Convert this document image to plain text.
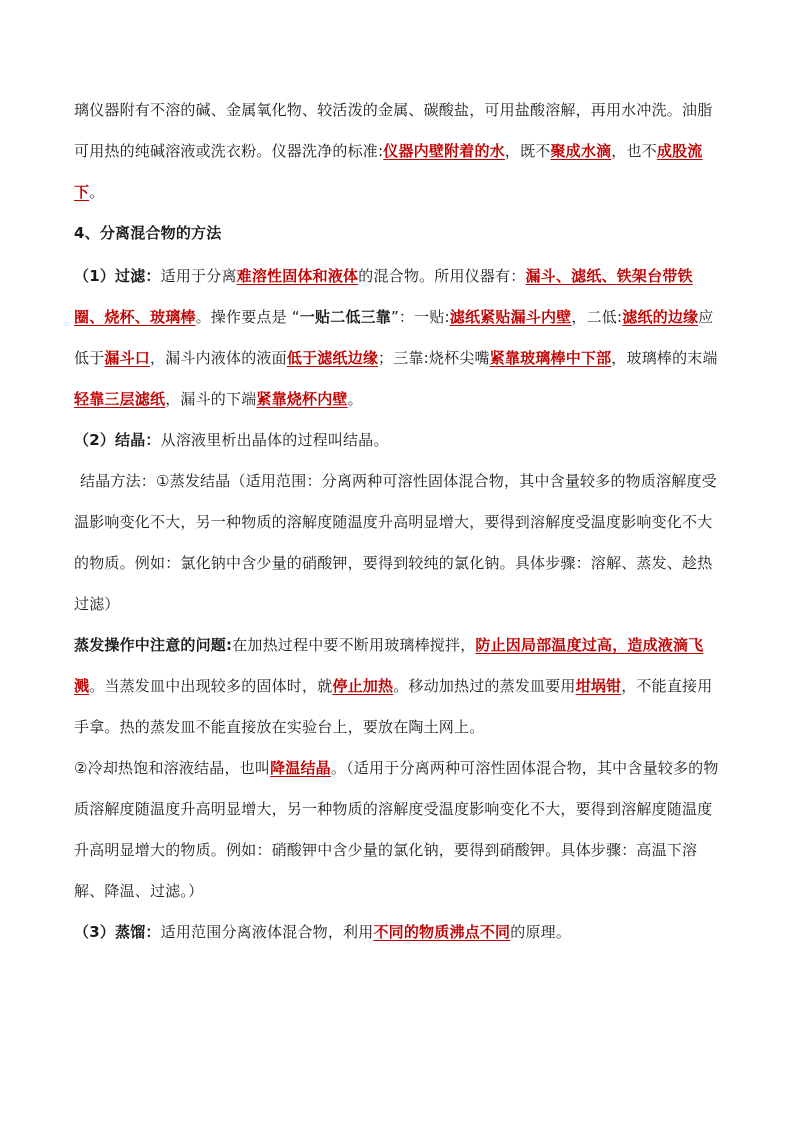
璃仪器附有不溶的碱、金属氧化物、较活泼的金属、碳酸盐，可用盐酸溶解，再用水冲洗。油脂可用热的纯碱溶液或洗衣粉。仪器洗净的标准:仪器内壁附着的水，既不聚成水滴，也不成股流下。

4、分离混合物的方法

（1）过滤：适用于分离难溶性固体和液体的混合物。所用仪器有：漏斗、滤纸、铁架台带铁圈、烧杯、玻璃棒。操作要点是 “一贴二低三靠”：一贴:滤纸紧贴漏斗内壁，二低:滤纸的边缘应低于漏斗口，漏斗内液体的液面低于滤纸边缘；三靠:烧杯尖嘴紧靠玻璃棒中下部，玻璃棒的末端轻靠三层滤纸，漏斗的下端紧靠烧杯内壁。

（2）结晶：从溶液里析出晶体的过程叫结晶。

结晶方法：①蒸发结晶（适用范围：分离两种可溶性固体混合物，其中含量较多的物质溶解度受温影响变化不大，另一种物质的溶解度随温度升高明显增大，要得到溶解度受温度影响变化不大的物质。例如：氯化钠中含少量的硝酸钾，要得到较纯的氯化钠。具体步骤：溶解、蒸发、趁热过滤）

蒸发操作中注意的问题:在加热过程中要不断用玻璃棒搅拌，防止因局部温度过高，造成液滴飞溅。当蒸发皿中出现较多的固体时，就停止加热。移动加热过的蒸发皿要用坩埚钳，不能直接用手拿。热的蒸发皿不能直接放在实验台上，要放在陶土网上。

②冷却热饱和溶液结晶，也叫降温结晶。（适用于分离两种可溶性固体混合物，其中含量较多的物质溶解度随温度升高明显增大，另一种物质的溶解度受温度影响变化不大，要得到溶解度随温度升高明显增大的物质。例如：硝酸钾中含少量的氯化钠，要得到硝酸钾。具体步骤：高温下溶解、降温、过滤。）

（3）蒸馏：适用范围分离液体混合物，利用不同的物质沸点不同的原理。
